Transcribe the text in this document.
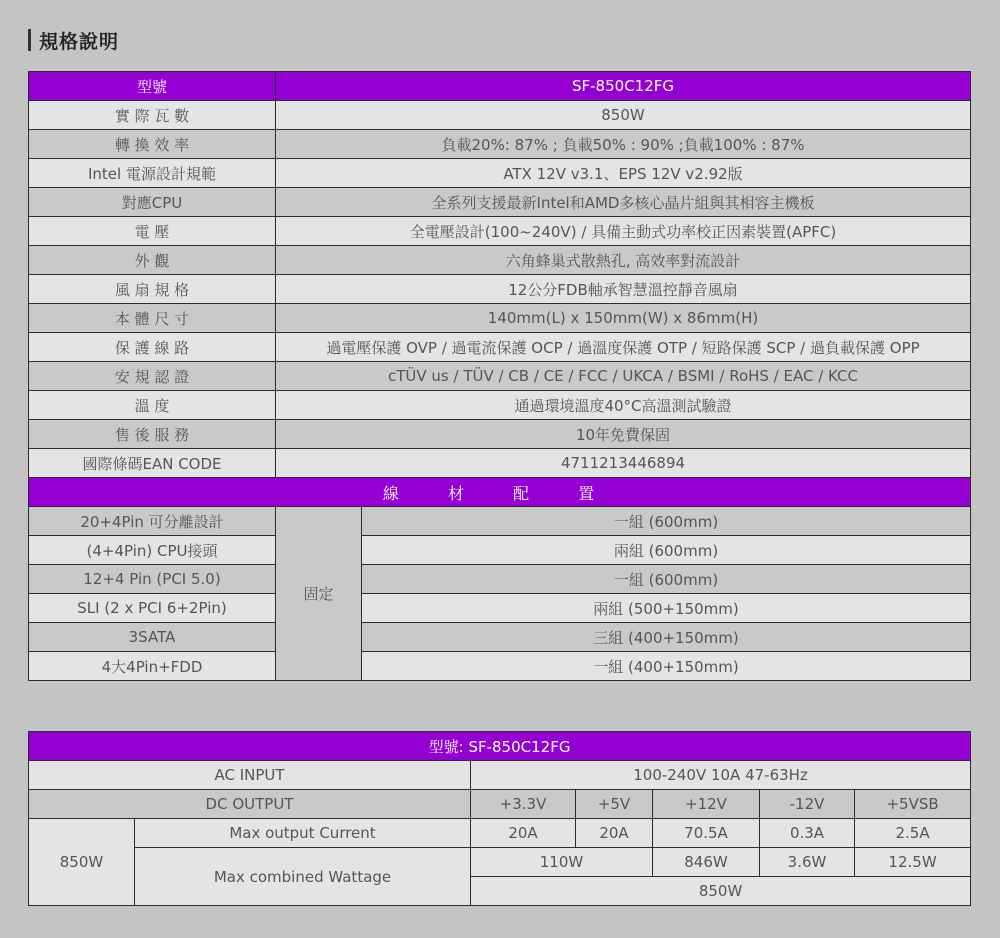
規格說明
型號	SF-850C12FG	
實 際 瓦 數	850W	
轉 換 效 率	負載20%: 87% ; 負載50% : 90% ;負載100% : 87%	
Intel 電源設計規範	ATX 12V v3.1、EPS 12V v2.92版	
對應CPU	全系列支援最新Intel和AMD多核心晶片組與其相容主機板	
電 壓	全電壓設計(100~240V) / 具備主動式功率校正因素裝置(APFC)	
外 觀	六角蜂巢式散熱孔, 高效率對流設計	
風 扇 規 格	12公分FDB軸承智慧溫控靜音風扇	
本 體 尺 寸	140mm(L) x 150mm(W) x 86mm(H)	
保 護 線 路	過電壓保護 OVP / 過電流保護 OCP / 過溫度保護 OTP / 短路保護 SCP / 過負載保護 OPP	
安 規 認 證	cTÜV us / TÜV / CB / CE / FCC / UKCA / BSMI / RoHS / EAC / KCC	
溫 度	通過環境溫度40°C高溫測試驗證	
售 後 服 務	10年免費保固	
國際條碼EAN CODE	4711213446894	
線 材 配 置		
20+4Pin 可分離設計	固定	一組 (600mm)
(4+4Pin) CPU接頭		兩組 (600mm)
12+4 Pin (PCI 5.0)		一組 (600mm)
SLI (2 x PCI 6+2Pin)		兩組 (500+150mm)
3SATA		三組 (400+150mm)
4大4Pin+FDD		一組 (400+150mm)
型號: SF-850C12FG						
AC INPUT		100-240V 10A 47-63Hz				
DC OUTPUT		+3.3V	+5V	+12V	-12V	+5VSB
850W	Max output Current	20A	20A	70.5A	0.3A	2.5A
	Max combined Wattage	110W		846W	3.6W	12.5W
		850W				
